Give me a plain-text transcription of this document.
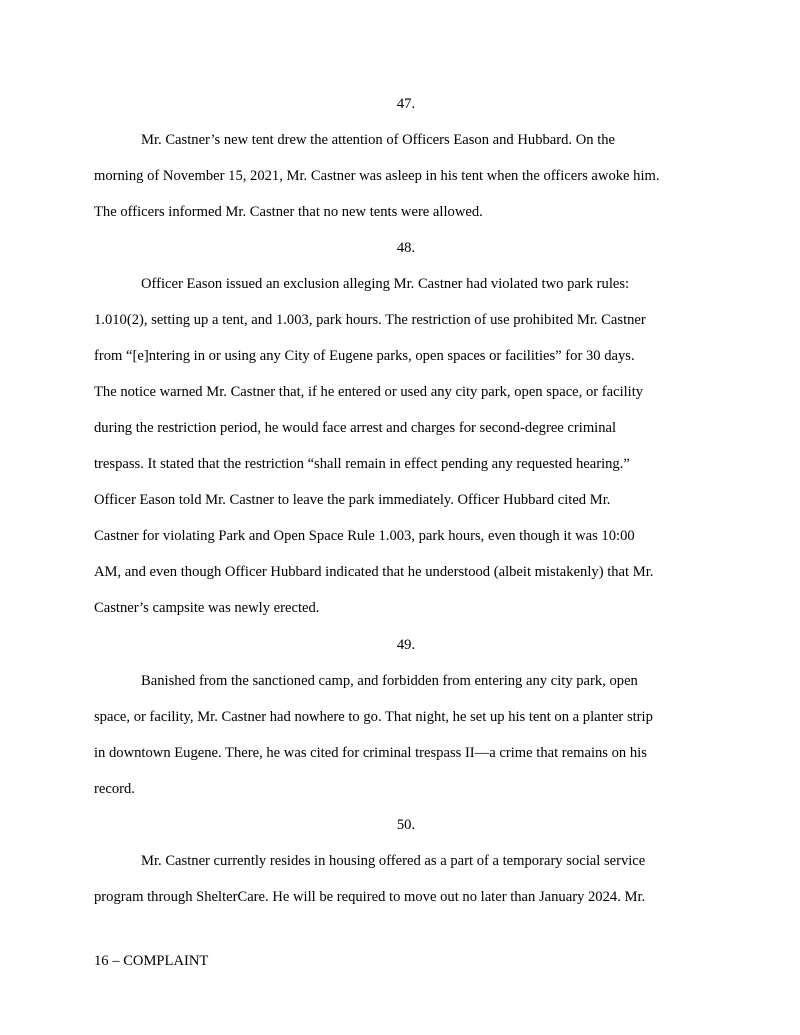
47.
Mr. Castner’s new tent drew the attention of Officers Eason and Hubbard. On the
morning of November 15, 2021, Mr. Castner was asleep in his tent when the officers awoke him.
The officers informed Mr. Castner that no new tents were allowed.
48.
Officer Eason issued an exclusion alleging Mr. Castner had violated two park rules:
1.010(2), setting up a tent, and 1.003, park hours. The restriction of use prohibited Mr. Castner
from “[e]ntering in or using any City of Eugene parks, open spaces or facilities” for 30 days.
The notice warned Mr. Castner that, if he entered or used any city park, open space, or facility
during the restriction period, he would face arrest and charges for second-degree criminal
trespass. It stated that the restriction “shall remain in effect pending any requested hearing.”
Officer Eason told Mr. Castner to leave the park immediately. Officer Hubbard cited Mr.
Castner for violating Park and Open Space Rule 1.003, park hours, even though it was 10:00
AM, and even though Officer Hubbard indicated that he understood (albeit mistakenly) that Mr.
Castner’s campsite was newly erected.
49.
Banished from the sanctioned camp, and forbidden from entering any city park, open
space, or facility, Mr. Castner had nowhere to go. That night, he set up his tent on a planter strip
in downtown Eugene. There, he was cited for criminal trespass II—a crime that remains on his
record.
50.
Mr. Castner currently resides in housing offered as a part of a temporary social service
program through ShelterCare. He will be required to move out no later than January 2024. Mr.
16 – COMPLAINT
